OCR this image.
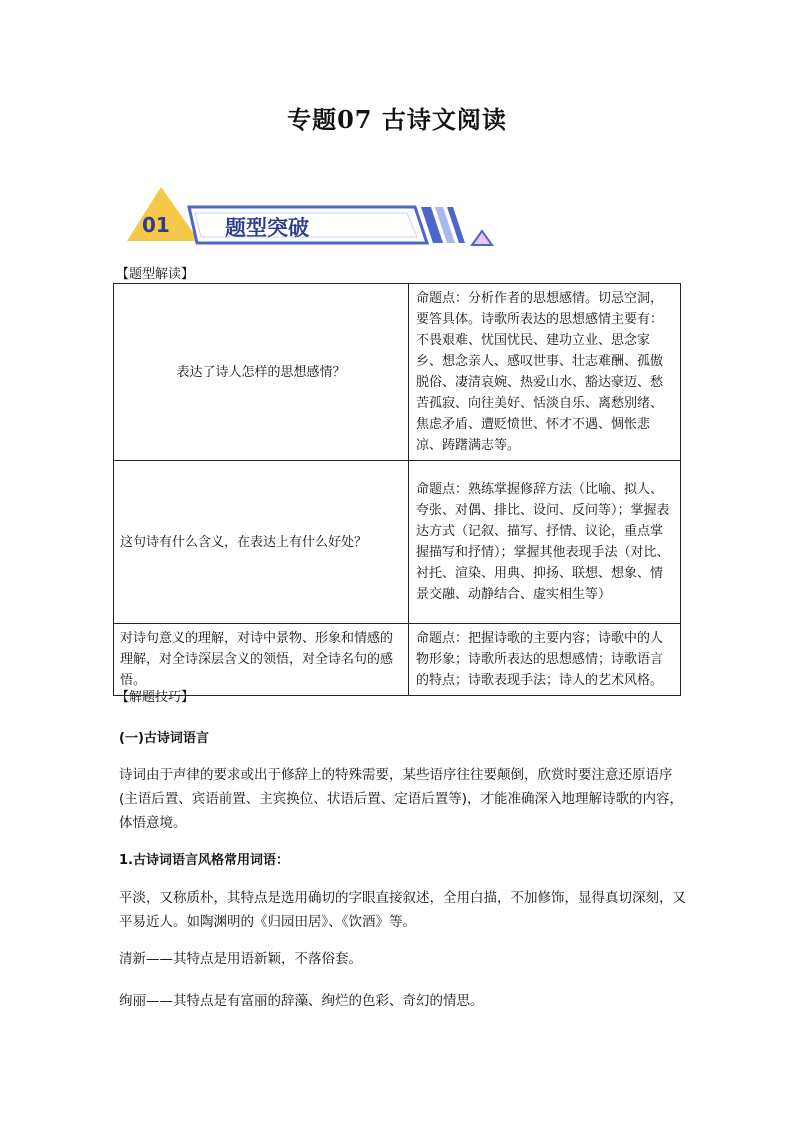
专题07 古诗文阅读
01	题型突破
【题型解读】
表达了诗人怎样的思想感情？	命题点：分析作者的思想感情。切忌空洞，要答具体。诗歌所表达的思想感情主要有：不畏艰难、忧国忧民、建功立业、思念家乡、想念亲人、感叹世事、壮志难酬、孤傲脱俗、凄清哀婉、热爱山水、豁达豪迈、愁苦孤寂、向往美好、恬淡自乐、离愁别绪、焦虑矛盾、遭贬愤世、怀才不遇、惆怅悲凉、踌躇满志等。
这句诗有什么含义，在表达上有什么好处？	命题点：熟练掌握修辞方法（比喻、拟人、夸张、对偶、排比、设问、反问等）；掌握表达方式（记叙、描写、抒情、议论，重点掌握描写和抒情）；掌握其他表现手法（对比、衬托、渲染、用典、抑扬、联想、想象、情景交融、动静结合、虚实相生等）
对诗句意义的理解，对诗中景物、形象和情感的理解，对全诗深层含义的领悟，对全诗名句的感悟。	命题点：把握诗歌的主要内容；诗歌中的人物形象；诗歌所表达的思想感情；诗歌语言的特点；诗歌表现手法；诗人的艺术风格。
【解题技巧】
(一)古诗词语言
诗词由于声律的要求或出于修辞上的特殊需要，某些语序往往要颠倒，欣赏时要注意还原语序(主语后置、宾语前置、主宾换位、状语后置、定语后置等)，才能准确深入地理解诗歌的内容，体悟意境。
1.古诗词语言风格常用词语：
平淡，又称质朴，其特点是选用确切的字眼直接叙述，全用白描，不加修饰，显得真切深刻，又平易近人。如陶渊明的《归园田居》、《饮酒》等。
清新——其特点是用语新颖，不落俗套。
绚丽——其特点是有富丽的辞藻、绚烂的色彩、奇幻的情思。
